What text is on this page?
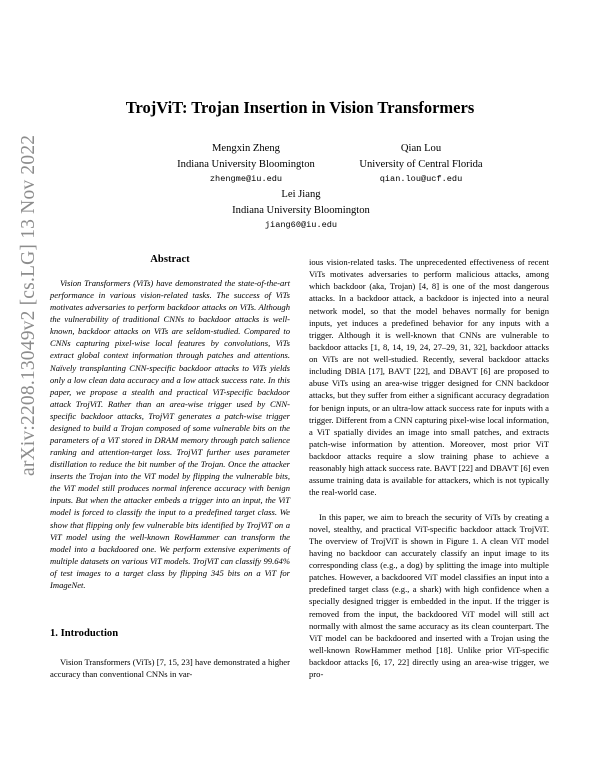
arXiv:2208.13049v2 [cs.LG] 13 Nov 2022
TrojViT: Trojan Insertion in Vision Transformers
Mengxin Zheng
Indiana University Bloomington
zhengme@iu.edu
Qian Lou
University of Central Florida
qian.lou@ucf.edu
Lei Jiang
Indiana University Bloomington
jiang60@iu.edu
Abstract

Vision Transformers (ViTs) have demonstrated the state-of-the-art performance in various vision-related tasks. The success of ViTs motivates adversaries to perform backdoor attacks on ViTs. Although the vulnerability of traditional CNNs to backdoor attacks is well-known, backdoor attacks on ViTs are seldom-studied. Compared to CNNs capturing pixel-wise local features by convolutions, ViTs extract global context information through patches and attentions. Naïvely transplanting CNN-specific backdoor attacks to ViTs yields only a low clean data accuracy and a low attack success rate. In this paper, we propose a stealth and practical ViT-specific backdoor attack TrojViT. Rather than an area-wise trigger used by CNN-specific backdoor attacks, TrojViT generates a patch-wise trigger designed to build a Trojan composed of some vulnerable bits on the parameters of a ViT stored in DRAM memory through patch salience ranking and attention-target loss. TrojViT further uses parameter distillation to reduce the bit number of the Trojan. Once the attacker inserts the Trojan into the ViT model by flipping the vulnerable bits, the ViT model still produces normal inference accuracy with benign inputs. But when the attacker embeds a trigger into an input, the ViT model is forced to classify the input to a predefined target class. We show that flipping only few vulnerable bits identified by TrojViT on a ViT model using the well-known RowHammer can transform the model into a backdoored one. We perform extensive experiments of multiple datasets on various ViT models. TrojViT can classify 99.64% of test images to a target class by flipping 345 bits on a ViT for ImageNet.

1. Introduction

Vision Transformers (ViTs) [7, 15, 23] have demonstrated a higher accuracy than conventional CNNs in var-

ious vision-related tasks. The unprecedented effectiveness of recent ViTs motivates adversaries to perform malicious attacks, among which backdoor (aka, Trojan) [4, 8] is one of the most dangerous attacks. In a backdoor attack, a backdoor is injected into a neural network model, so that the model behaves normally for benign inputs, yet induces a predefined behavior for any inputs with a trigger. Although it is well-known that CNNs are vulnerable to backdoor attacks [1, 8, 14, 19, 24, 27–29, 31, 32], backdoor attacks on ViTs are not well-studied. Recently, several backdoor attacks including DBIA [17], BAVT [22], and DBAVT [6] are proposed to abuse ViTs using an area-wise trigger designed for CNN backdoor attacks, but they suffer from either a significant accuracy degradation for benign inputs, or an ultra-low attack success rate for inputs with a trigger. Different from a CNN capturing pixel-wise local information, a ViT spatially divides an image into small patches, and extracts patch-wise information by attention. Moreover, most prior ViT backdoor attacks require a slow training phase to achieve a reasonably high attack success rate. BAVT [22] and DBAVT [6] even assume training data is available for attackers, which is not typically the real-world case.

In this paper, we aim to breach the security of ViTs by creating a novel, stealthy, and practical ViT-specific backdoor attack TrojViT. The overview of TrojViT is shown in Figure 1. A clean ViT model having no backdoor can accurately classify an input image to its corresponding class (e.g., a dog) by splitting the image into multiple patches. However, a backdoored ViT model classifies an input into a predefined target class (e.g., a shark) with high confidence when a specially designed trigger is embedded in the input. If the trigger is removed from the input, the backdoored ViT model will still act normally with almost the same accuracy as its clean counterpart. The ViT model can be backdoored and inserted with a Trojan using the well-known RowHammer method [18]. Unlike prior ViT-specific backdoor attacks [6, 17, 22] directly using an area-wise trigger, we pro-
